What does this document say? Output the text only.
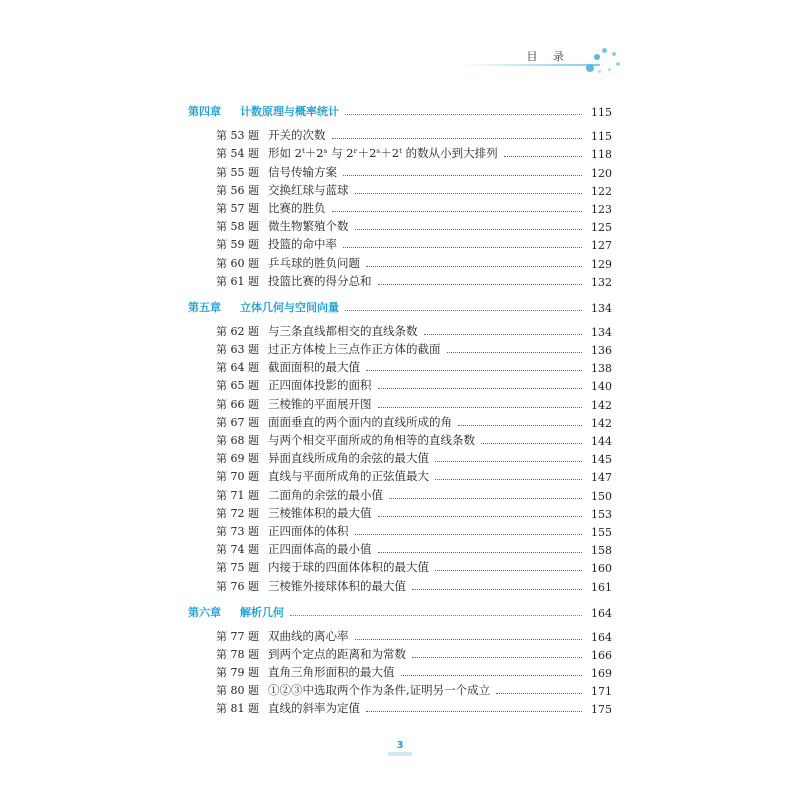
目 录
第四章	计数原理与概率统计	115
第 53 题 开关的次数	115
第 54 题 形如 2ᵗ＋2ˢ 与 2ʳ＋2ˢ＋2ᵗ 的数从小到大排列	118
第 55 题 信号传输方案	120
第 56 题 交换红球与蓝球	122
第 57 题 比赛的胜负	123
第 58 题 微生物繁殖个数	125
第 59 题 投篮的命中率	127
第 60 题 乒乓球的胜负问题	129
第 61 题 投篮比赛的得分总和	132
第五章	立体几何与空间向量	134
第 62 题 与三条直线都相交的直线条数	134
第 63 题 过正方体棱上三点作正方体的截面	136
第 64 题 截面面积的最大值	138
第 65 题 正四面体投影的面积	140
第 66 题 三棱锥的平面展开图	142
第 67 题 面面垂直的两个面内的直线所成的角	142
第 68 题 与两个相交平面所成的角相等的直线条数	144
第 69 题 异面直线所成角的余弦的最大值	145
第 70 题 直线与平面所成角的正弦值最大	147
第 71 题 二面角的余弦的最小值	150
第 72 题 三棱锥体积的最大值	153
第 73 题 正四面体的体积	155
第 74 题 正四面体高的最小值	158
第 75 题 内接于球的四面体体积的最大值	160
第 76 题 三棱锥外接球体积的最大值	161
第六章	解析几何	164
第 77 题 双曲线的离心率	164
第 78 题 到两个定点的距离和为常数	166
第 79 题 直角三角形面积的最大值	169
第 80 题 ①②③中选取两个作为条件,证明另一个成立	171
第 81 题 直线的斜率为定值	175
3
